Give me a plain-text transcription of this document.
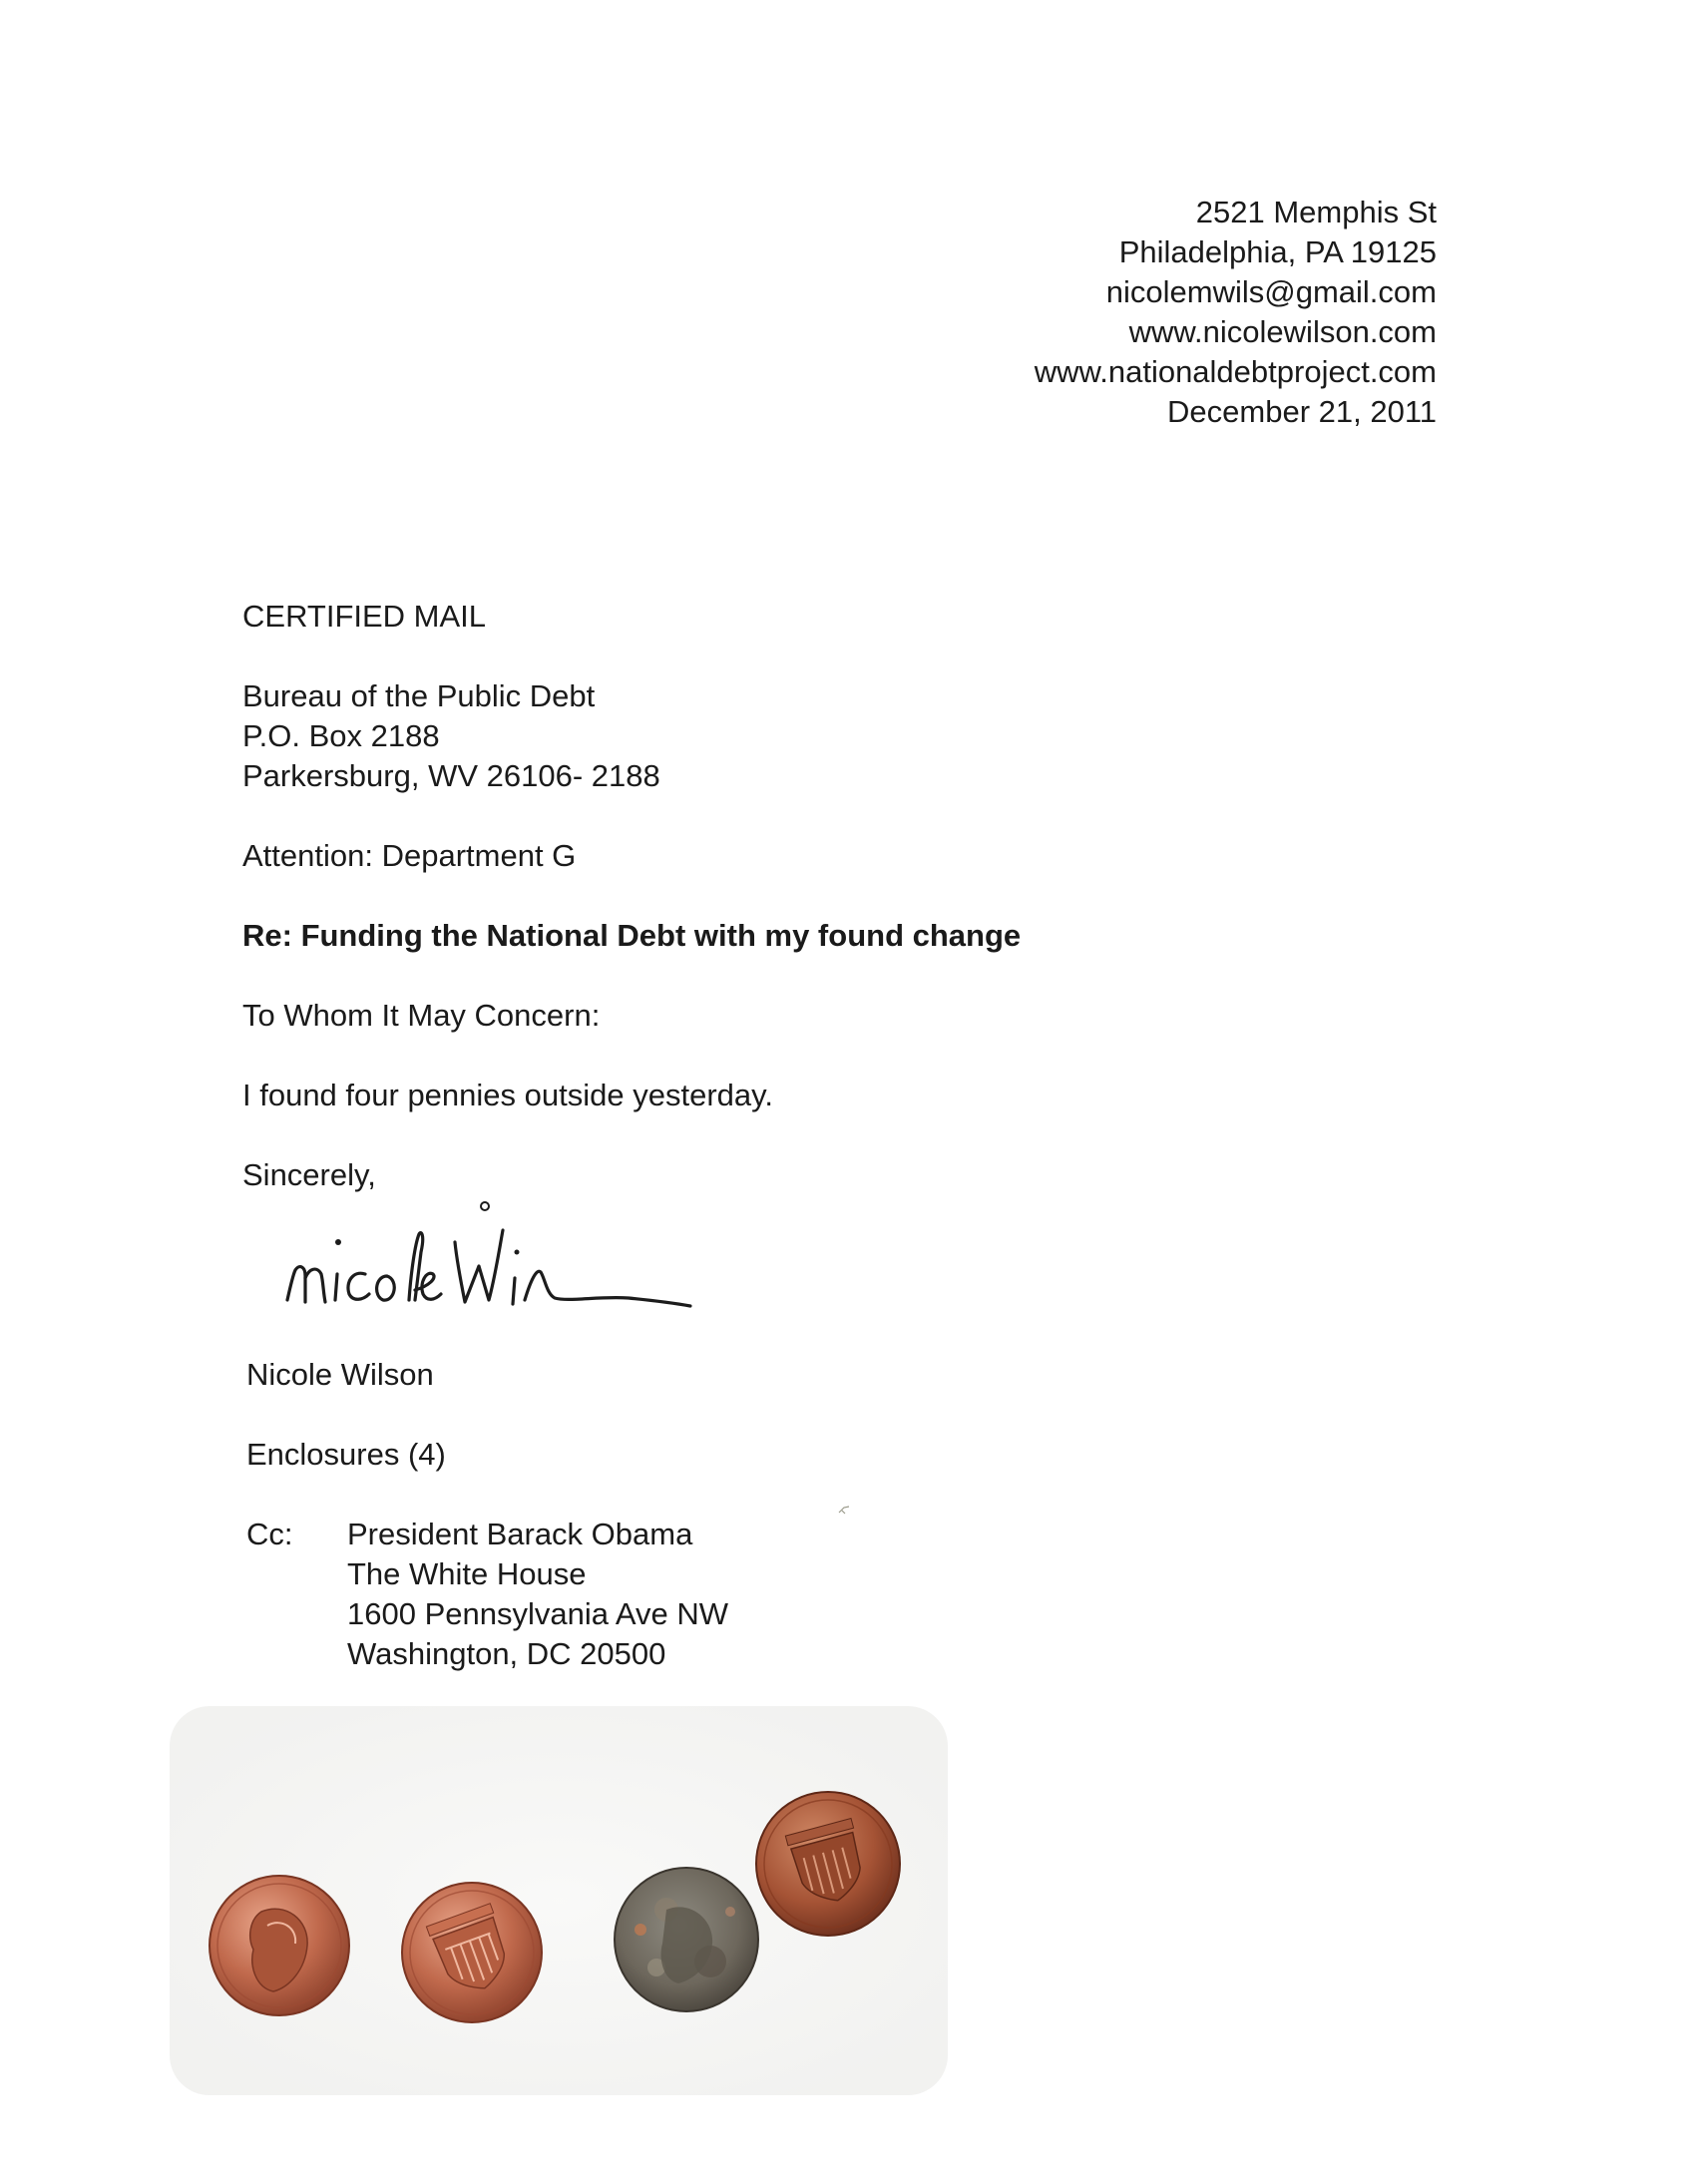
2521 Memphis St
Philadelphia, PA 19125
nicolemwils@gmail.com
www.nicolewilson.com
www.nationaldebtproject.com
December 21, 2011
CERTIFIED MAIL
Bureau of the Public Debt
P.O. Box 2188
Parkersburg, WV 26106- 2188
Attention: Department G
Re: Funding the National Debt with my found change
To Whom It May Concern:
I found four pennies outside yesterday.
Sincerely,
Nicole Wilson
Enclosures (4)
Cc:	President Barack Obama
The White House
1600 Pennsylvania Ave NW
Washington, DC 20500
